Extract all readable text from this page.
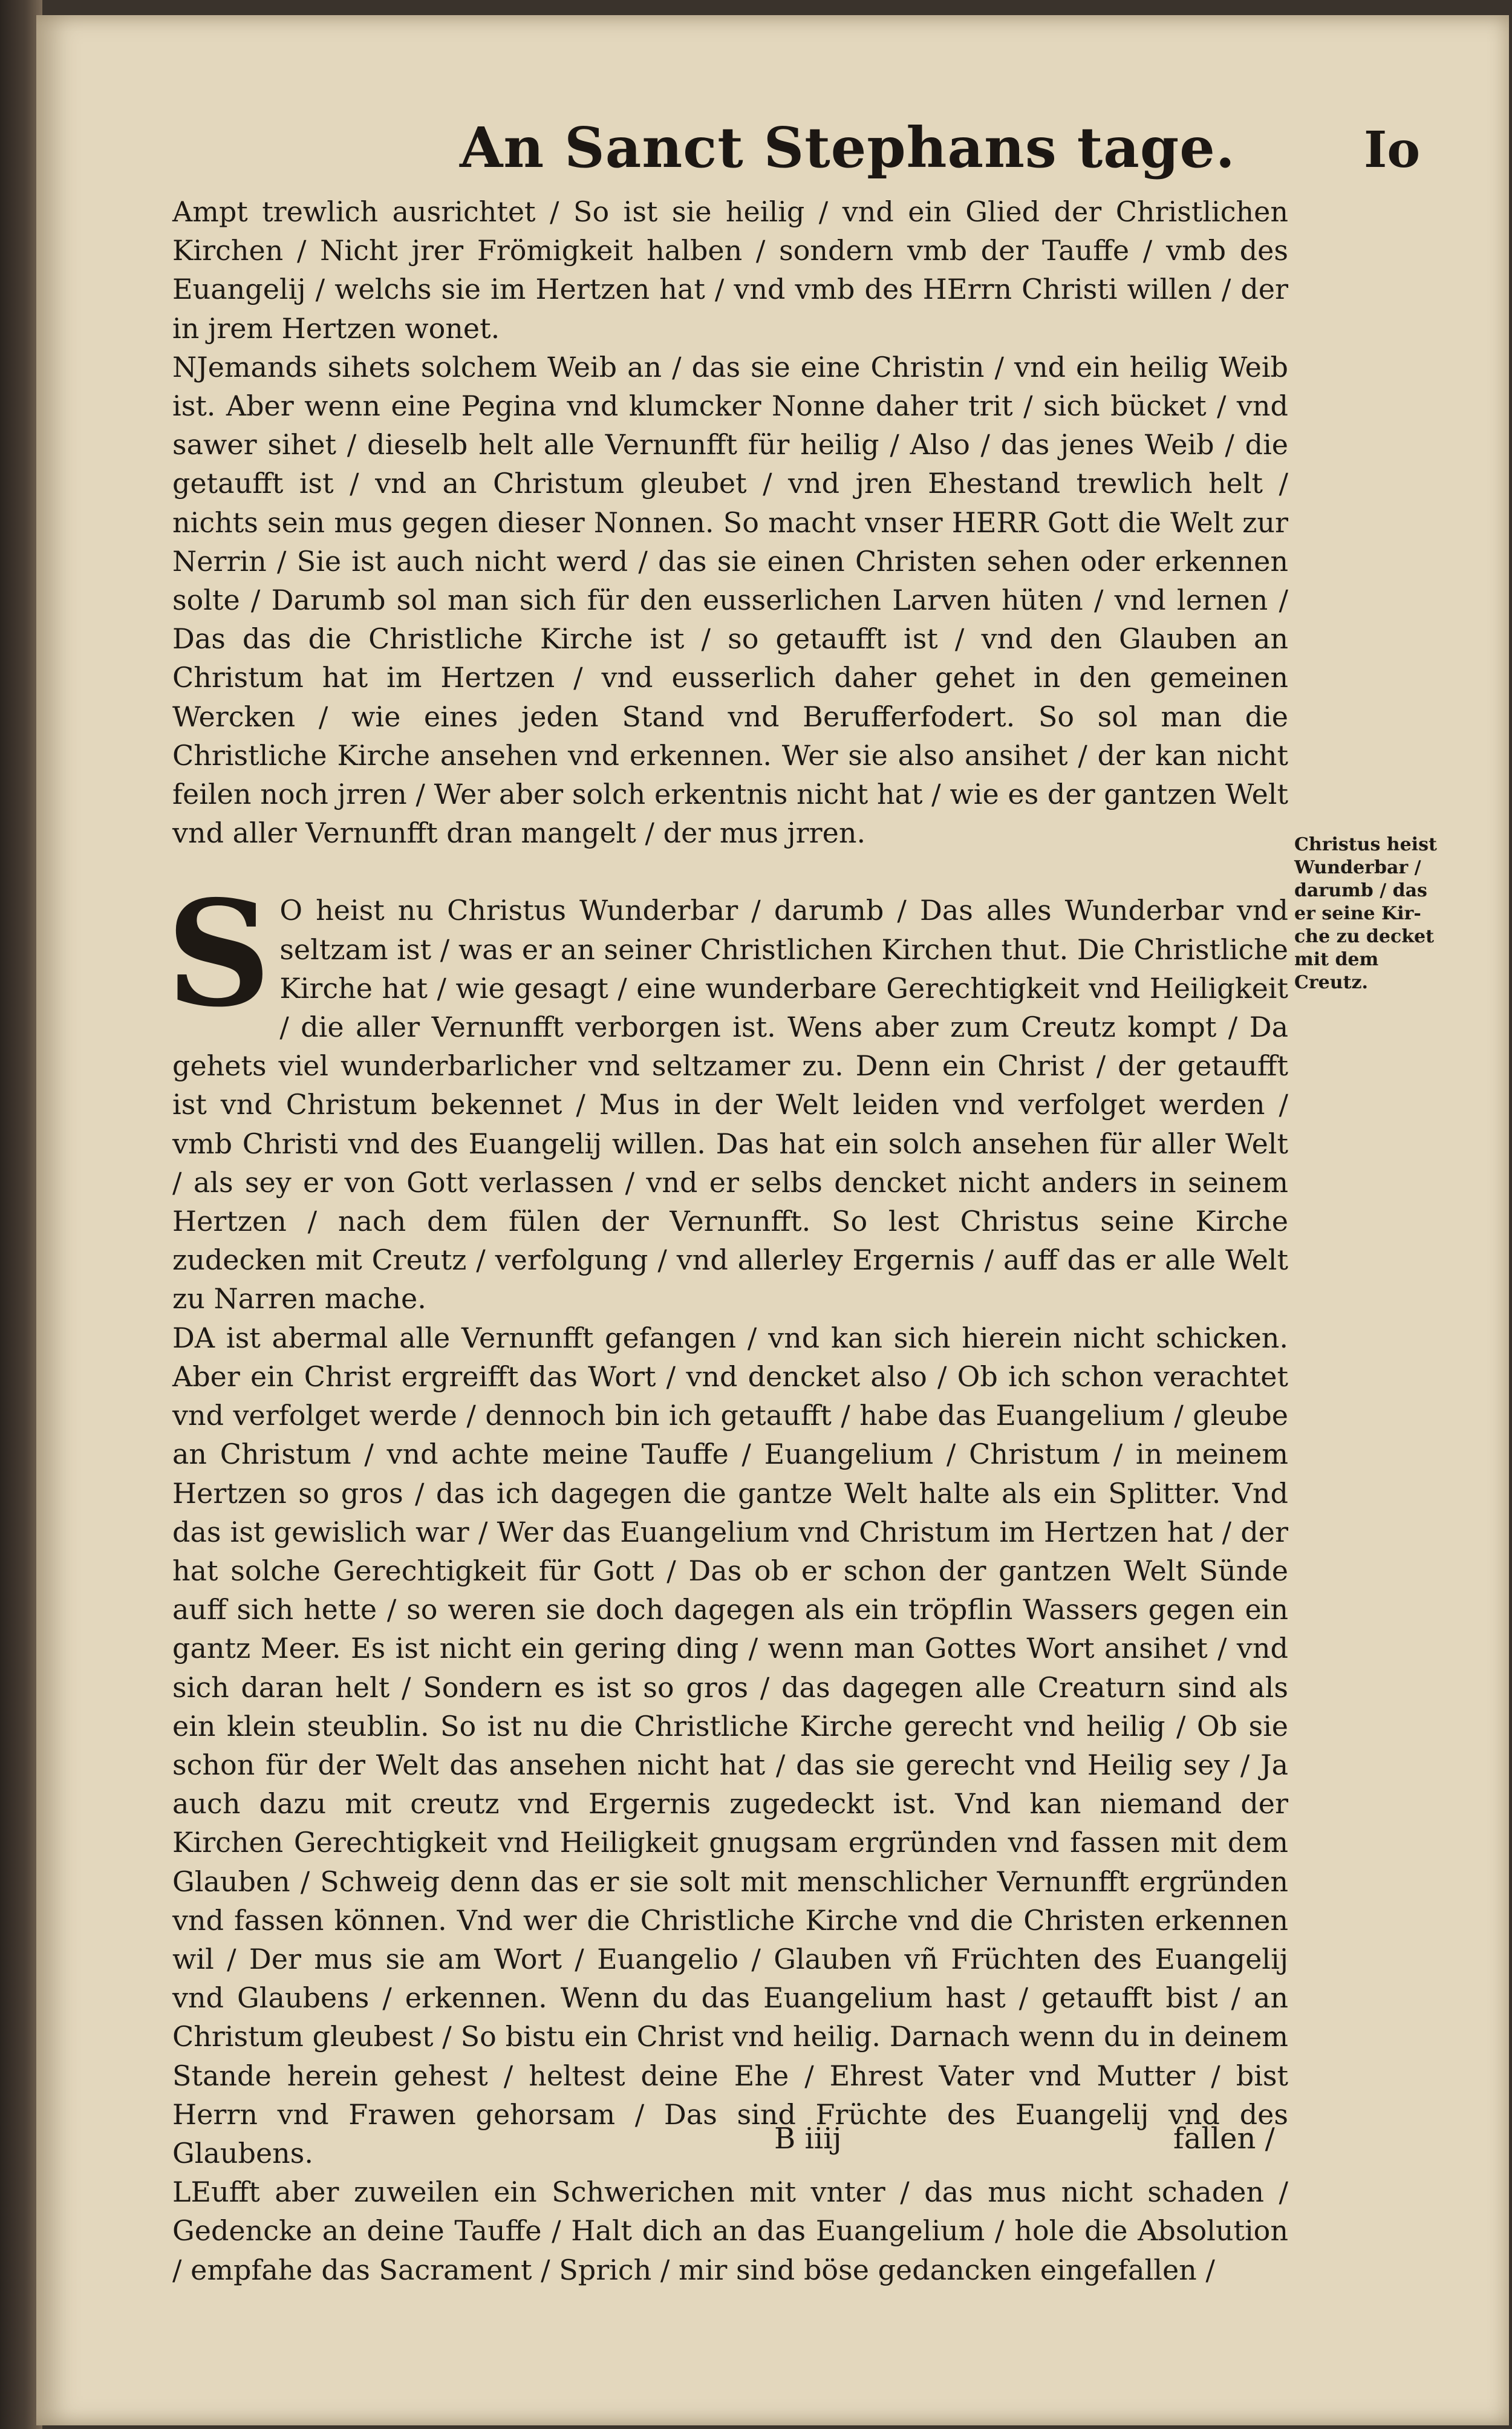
An Sanct Stephans tage.	Io

Ampt trewlich ausrichtet / So ist sie heilig / vnd ein Glied der Christlichen Kirchen / Nicht jrer Frömigkeit halben / sondern vmb der Tauffe / vmb des Euangelij / welchs sie im Hertzen hat / vnd vmb des HErrn Christi willen / der in jrem Hertzen wonet.

NJemands sihets solchem Weib an / das sie eine Christin / vnd ein heilig Weib ist. Aber wenn eine Pegina vnd klumcker Nonne daher trit / sich bücket / vnd sawer sihet / dieselb helt alle Vernunfft für heilig / Also / das jenes Weib / die getaufft ist / vnd an Christum gleubet / vnd jren Ehestand trewlich helt / nichts sein mus gegen dieser Nonnen. So macht vnser HERR Gott die Welt zur Nerrin / Sie ist auch nicht werd / das sie einen Christen sehen oder erkennen solte / Darumb sol man sich für den eusserlichen Larven hüten / vnd lernen / Das das die Christliche Kirche ist / so getaufft ist / vnd den Glauben an Christum hat im Hertzen / vnd eusserlich daher gehet in den gemeinen Wercken / wie eines jeden Stand vnd Berufferfodert. So sol man die Christliche Kirche ansehen vnd erkennen. Wer sie also ansihet / der kan nicht feilen noch jrren / Wer aber solch erkentnis nicht hat / wie es der gantzen Welt vnd aller Vernunfft dran mangelt / der mus jrren.

S O heist nu Christus Wunderbar / darumb / Das alles Wunderbar vnd seltzam ist / was er an seiner Christlichen Kirchen thut. Die Christliche Kirche hat / wie gesagt / eine wunderbare Gerechtigkeit vnd Heiligkeit / die aller Vernunfft verborgen ist. Wens aber zum Creutz kompt / Da gehets viel wunderbarlicher vnd seltzamer zu. Denn ein Christ / der getaufft ist vnd Christum bekennet / Mus in der Welt leiden vnd verfolget werden / vmb Christi vnd des Euangelij willen. Das hat ein solch ansehen für aller Welt / als sey er von Gott verlassen / vnd er selbs dencket nicht anders in seinem Hertzen / nach dem fülen der Vernunfft. So lest Christus seine Kirche zudecken mit Creutz / verfolgung / vnd allerley Ergernis / auff das er alle Welt zu Narren mache.

DA ist abermal alle Vernunfft gefangen / vnd kan sich hierein nicht schicken. Aber ein Christ ergreifft das Wort / vnd dencket also / Ob ich schon verachtet vnd verfolget werde / dennoch bin ich getaufft / habe das Euangelium / gleube an Christum / vnd achte meine Tauffe / Euangelium / Christum / in meinem Hertzen so gros / das ich dagegen die gantze Welt halte als ein Splitter. Vnd das ist gewislich war / Wer das Euangelium vnd Christum im Hertzen hat / der hat solche Gerechtigkeit für Gott / Das ob er schon der gantzen Welt Sünde auff sich hette / so weren sie doch dagegen als ein tröpflin Wassers gegen ein gantz Meer. Es ist nicht ein gering ding / wenn man Gottes Wort ansihet / vnd sich daran helt / Sondern es ist so gros / das dagegen alle Creaturn sind als ein klein steublin. So ist nu die Christliche Kirche gerecht vnd heilig / Ob sie schon für der Welt das ansehen nicht hat / das sie gerecht vnd Heilig sey / Ja auch dazu mit creutz vnd Ergernis zugedeckt ist. Vnd kan niemand der Kirchen Gerechtigkeit vnd Heiligkeit gnugsam ergründen vnd fassen mit dem Glauben / Schweig denn das er sie solt mit menschlicher Vernunfft ergründen vnd fassen können. Vnd wer die Christliche Kirche vnd die Christen erkennen wil / Der mus sie am Wort / Euangelio / Glauben vñ Früchten des Euangelij vnd Glaubens / erkennen. Wenn du das Euangelium hast / getaufft bist / an Christum gleubest / So bistu ein Christ vnd heilig. Darnach wenn du in deinem Stande herein gehest / heltest deine Ehe / Ehrest Vater vnd Mutter / bist Herrn vnd Frawen gehorsam / Das sind Früchte des Euangelij vnd des Glaubens.

LEufft aber zuweilen ein Schwerichen mit vnter / das mus nicht schaden / Gedencke an deine Tauffe / Halt dich an das Euangelium / hole die Absolution / empfahe das Sacrament / Sprich / mir sind böse gedancken eingefallen /

Christus heist
Wunderbar /
darumb / das
er seine Kir-
che zu decket
mit dem
Creutz.
B iiij	fallen /
